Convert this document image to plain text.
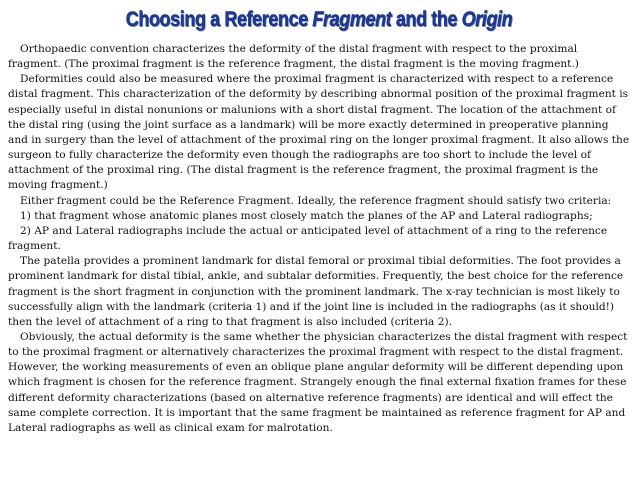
Choosing a Reference Fragment and the Origin

Orthopaedic convention characterizes the deformity of the distal fragment with respect to the proximal fragment. (The proximal fragment is the reference fragment, the distal fragment is the moving fragment.)

Deformities could also be measured where the proximal fragment is characterized with respect to a reference distal fragment. This characterization of the deformity by describing abnormal position of the proximal fragment is especially useful in distal nonunions or malunions with a short distal fragment. The location of the attachment of the distal ring (using the joint surface as a landmark) will be more exactly determined in preoperative planning and in surgery than the level of attachment of the proximal ring on the longer proximal fragment. It also allows the surgeon to fully characterize the deformity even though the radiographs are too short to include the level of attachment of the proximal ring. (The distal fragment is the reference fragment, the proximal fragment is the moving fragment.)

Either fragment could be the Reference Fragment. Ideally, the reference fragment should satisfy two criteria:

1) that fragment whose anatomic planes most closely match the planes of the AP and Lateral radiographs;

2) AP and Lateral radiographs include the actual or anticipated level of attachment of a ring to the reference fragment.

The patella provides a prominent landmark for distal femoral or proximal tibial deformities. The foot provides a prominent landmark for distal tibial, ankle, and subtalar deformities. Frequently, the best choice for the reference fragment is the short fragment in conjunction with the prominent landmark. The x-ray technician is most likely to successfully align with the landmark (criteria 1) and if the joint line is included in the radiographs (as it should!) then the level of attachment of a ring to that fragment is also included (criteria 2).

Obviously, the actual deformity is the same whether the physician characterizes the distal fragment with respect to the proximal fragment or alternatively characterizes the proximal fragment with respect to the distal fragment. However, the working measurements of even an oblique plane angular deformity will be different depending upon which fragment is chosen for the reference fragment. Strangely enough the final external fixation frames for these different deformity characterizations (based on alternative reference fragments) are identical and will effect the same complete correction. It is important that the same fragment be maintained as reference fragment for AP and Lateral radiographs as well as clinical exam for malrotation.
